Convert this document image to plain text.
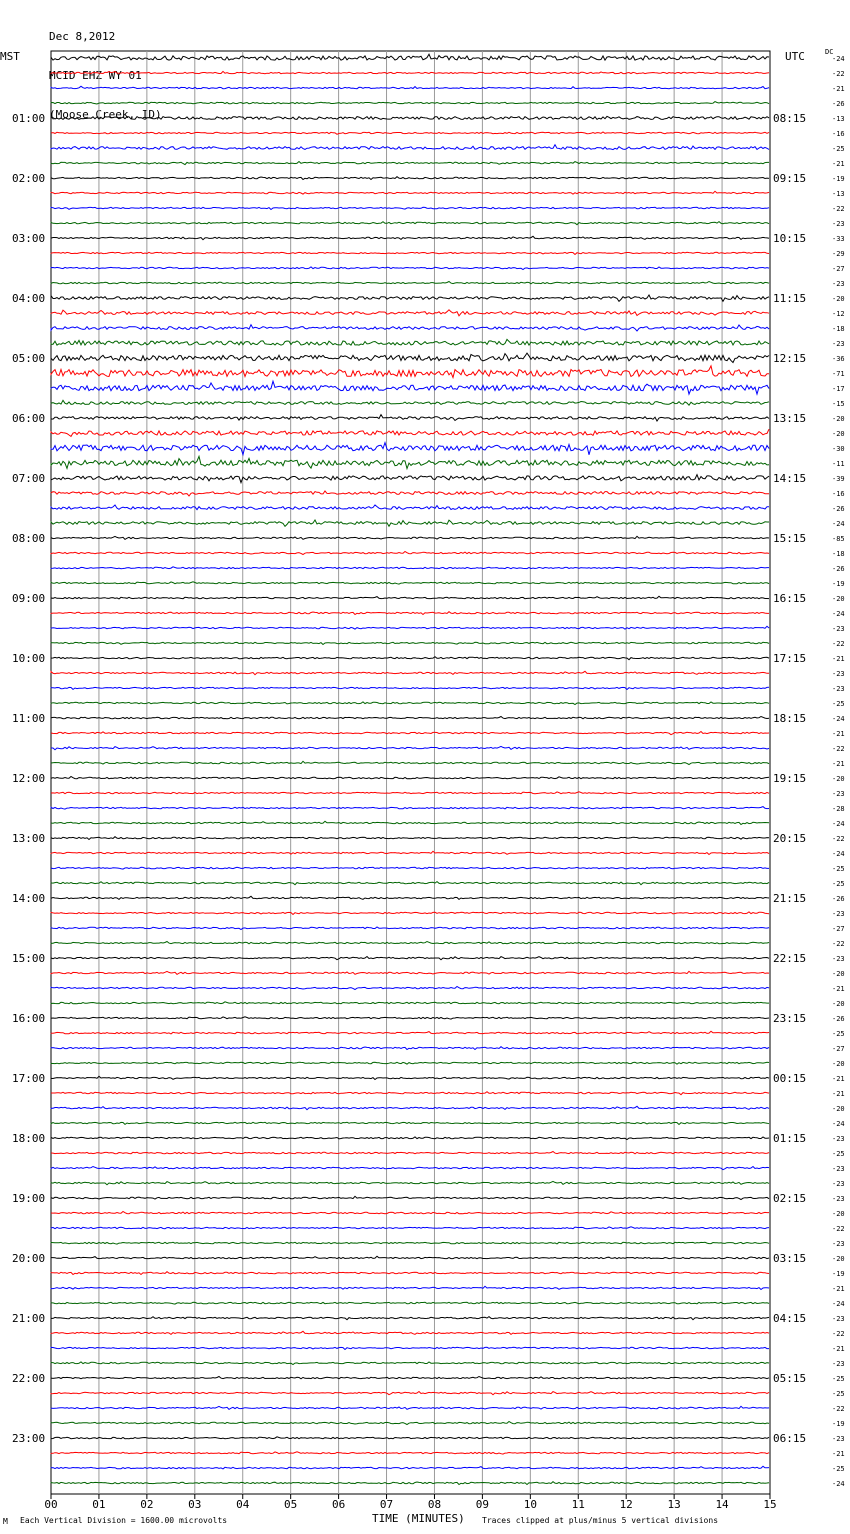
Dec 8,2012

MCID EHZ WY 01

(Moose Creek, ID)

MST	UTC	DC
-24
-22
-21
-26
-13
-16
-25
-21
-19
-13
-22
-23
-33
-29
-27
-23
-20
-12
-18
-23
-36
-71
-17
-15
-20
-20
-30
-11
-39
-16
-26
-24
-85
-18
-26
-19
-20
-24
-23
-22
-21
-23
-23
-25
-24
-21
-22
-21
-20
-23
-28
-24
-22
-24
-25
-25
-26
-23
-27
-22
-23
-20
-21
-20
-26
-25
-27
-20
-21
-21
-20
-24
-23
-25
-23
-23
-23
-20
-22
-23
-20
-19
-21
-24
-23
-22
-21
-23
-25
-25
-22
-19
-23
-21
-25
-24
01:00
02:00
03:00
04:00
05:00
06:00
07:00
08:00
09:00
10:00
11:00
12:00
13:00
14:00
15:00
16:00
17:00
18:00
19:00
20:00
21:00
22:00
23:00
08:15
09:15
10:15
11:15
12:15
13:15
14:15
15:15
16:15
17:15
18:15
19:15
20:15
21:15
22:15
23:15
00:15
01:15
02:15
03:15
04:15
05:15
06:15
00	01	02	03	04	05	06	07	08	09	10	11	12	13	14	15
TIME (MINUTES)
M Each Vertical Division = 1600.00 microvolts	Traces clipped at plus/minus 5 vertical divisions
